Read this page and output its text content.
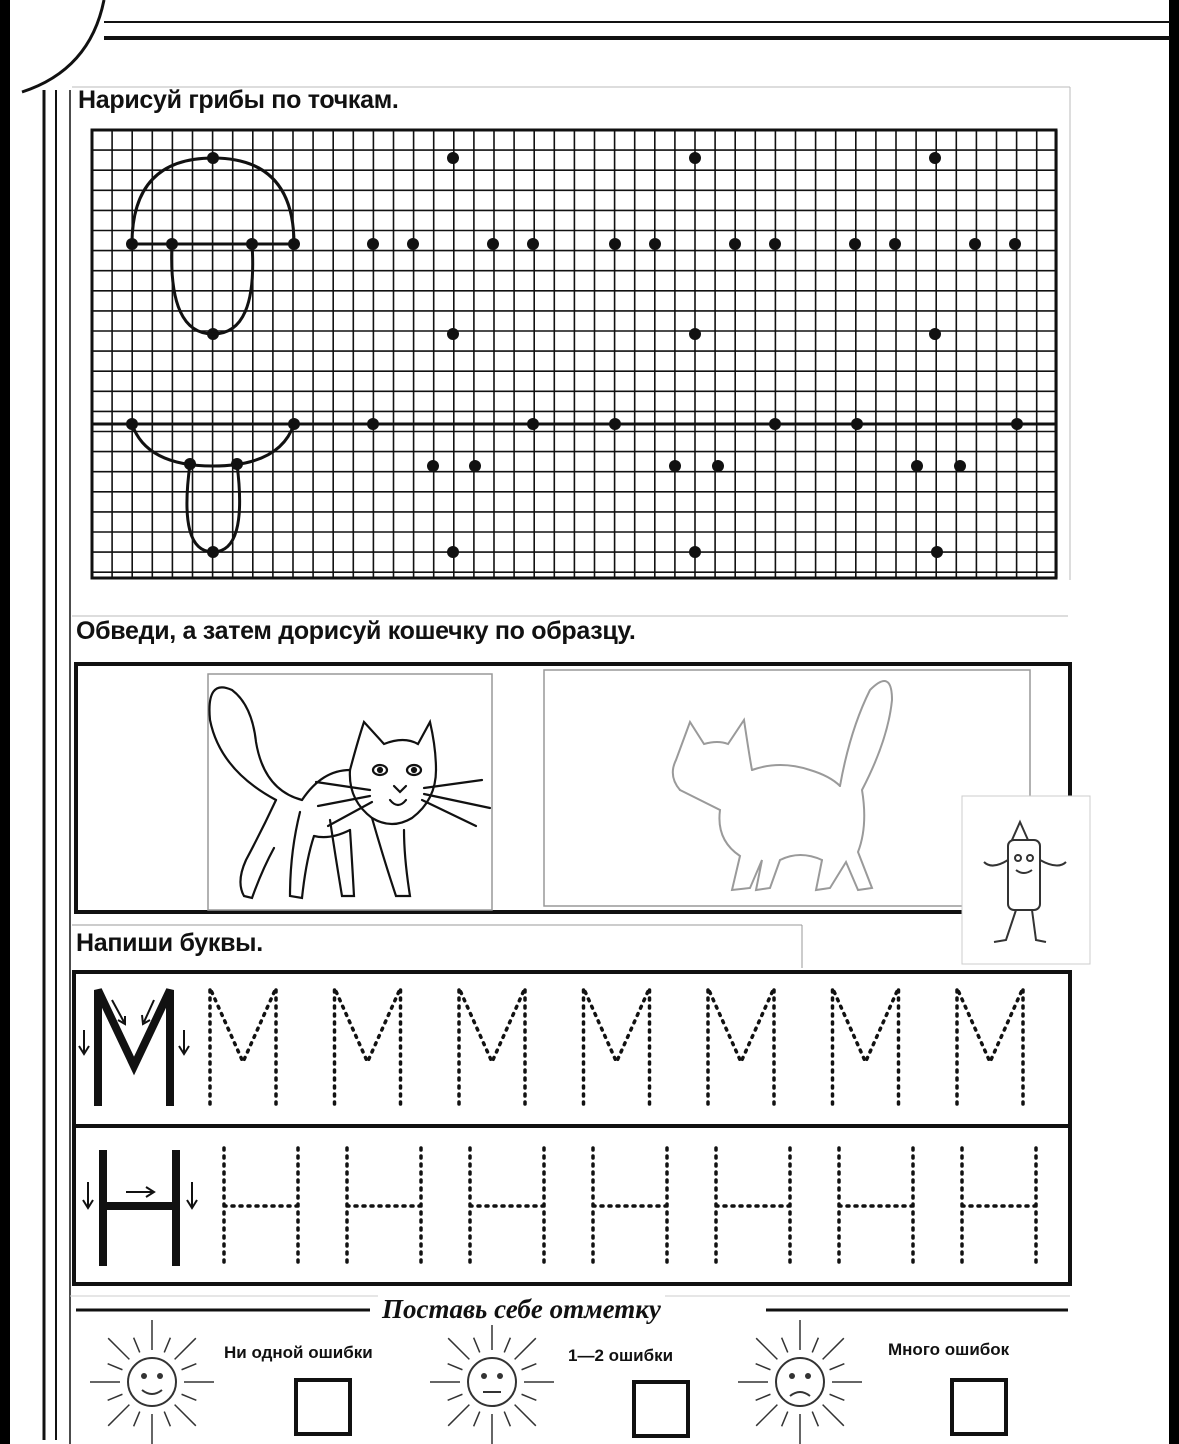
Нарисуй грибы по точкам.
Обведи, а затем дорисуй кошечку по образцу.
Напиши буквы.
Поставь себе отметку
Ни одной ошибки	1—2 ошибки	Много ошибок
